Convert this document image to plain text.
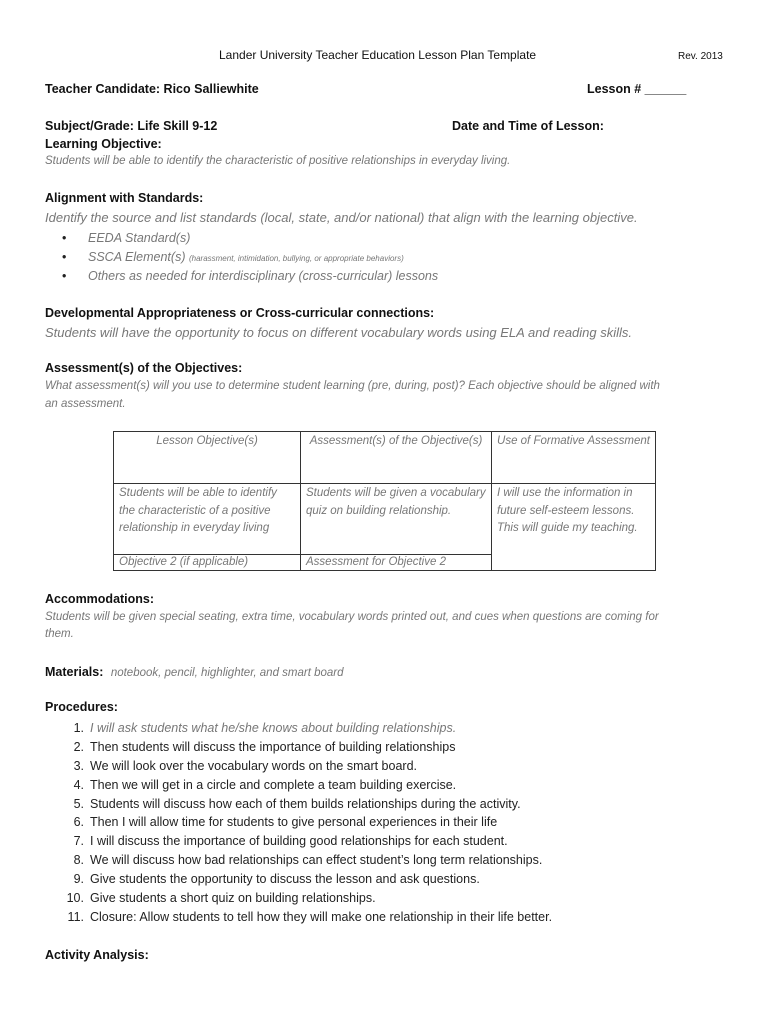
Lander University Teacher Education Lesson Plan Template	Rev. 2013
Teacher Candidate: Rico Salliewhite	Lesson # ______
Subject/Grade: Life Skill 9-12	Date and Time of Lesson:
Learning Objective:
Students will be able to identify the characteristic of positive relationships in everyday living.
Alignment with Standards:
Identify the source and list standards (local, state, and/or national) that align with the learning objective.
• EEDA Standard(s)
• SSCA Element(s) (harassment, intimidation, bullying, or appropriate behaviors)
• Others as needed for interdisciplinary (cross-curricular) lessons
Developmental Appropriateness or Cross-curricular connections:
Students will have the opportunity to focus on different vocabulary words using ELA and reading skills.
Assessment(s) of the Objectives:
What assessment(s) will you use to determine student learning (pre, during, post)? Each objective should be aligned with
an assessment.
Lesson Objective(s)	Assessment(s) of the Objective(s)	Use of Formative Assessment
Students will be able to identify the characteristic of a positive relationship in everyday living	Students will be given a vocabulary quiz on building relationship.	I will use the information in future self-esteem lessons. This will guide my teaching.
Objective 2 (if applicable)	Assessment for Objective 2	
Accommodations:
Students will be given special seating, extra time, vocabulary words printed out, and cues when questions are coming for
them.
Materials: notebook, pencil, highlighter, and smart board
Procedures:
1. I will ask students what he/she knows about building relationships.
2. Then students will discuss the importance of building relationships
3. We will look over the vocabulary words on the smart board.
4. Then we will get in a circle and complete a team building exercise.
5. Students will discuss how each of them builds relationships during the activity.
6. Then I will allow time for students to give personal experiences in their life
7. I will discuss the importance of building good relationships for each student.
8. We will discuss how bad relationships can effect student’s long term relationships.
9. Give students the opportunity to discuss the lesson and ask questions.
10. Give students a short quiz on building relationships.
11. Closure: Allow students to tell how they will make one relationship in their life better.
Activity Analysis:
